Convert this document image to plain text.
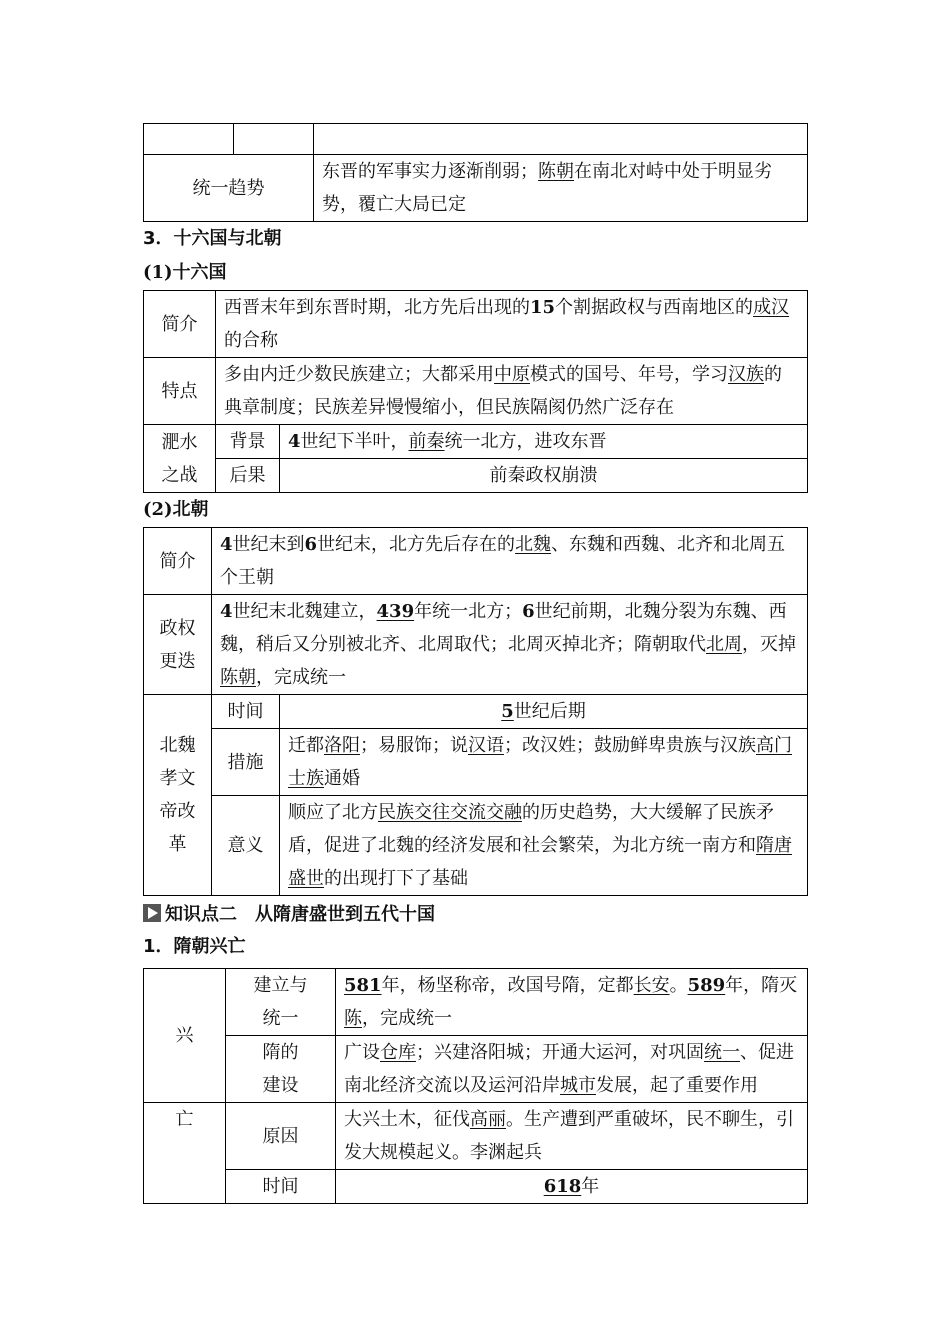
统一趋势		东晋的军事实力逐渐削弱；陈朝在南北对峙中处于明显劣势，覆亡大局已定
3．十六国与北朝
(1)十六国
简介	西晋末年到东晋时期，北方先后出现的15个割据政权与西南地区的成汉的合称	
特点	多由内迁少数民族建立；大都采用中原模式的国号、年号，学习汉族的典章制度；民族差异慢慢缩小，但民族隔阂仍然广泛存在	
淝水之战	背景	4世纪下半叶，前秦统一北方，进攻东晋
	后果	前秦政权崩溃
(2)北朝
简介	4世纪末到6世纪末，北方先后存在的北魏、东魏和西魏、北齐和北周五个王朝	
政权更迭	4世纪末北魏建立，439年统一北方；6世纪前期，北魏分裂为东魏、西魏，稍后又分别被北齐、北周取代；北周灭掉北齐；隋朝取代北周，灭掉陈朝，完成统一	
北魏孝文帝改革	时间	5世纪后期
	措施	迁都洛阳；易服饰；说汉语；改汉姓；鼓励鲜卑贵族与汉族高门士族通婚
	意义	顺应了北方民族交往交流交融的历史趋势，大大缓解了民族矛盾，促进了北魏的经济发展和社会繁荣，为北方统一南方和隋唐盛世的出现打下了基础
知识点二 从隋唐盛世到五代十国
1．隋朝兴亡
兴	建立与统一	581年，杨坚称帝，改国号隋，定都长安。589年，隋灭陈，完成统一
	隋的建设	广设仓库；兴建洛阳城；开通大运河，对巩固统一、促进南北经济交流以及运河沿岸城市发展，起了重要作用
亡	原因	大兴土木，征伐高丽。生产遭到严重破坏，民不聊生，引发大规模起义。李渊起兵
	时间	618年
